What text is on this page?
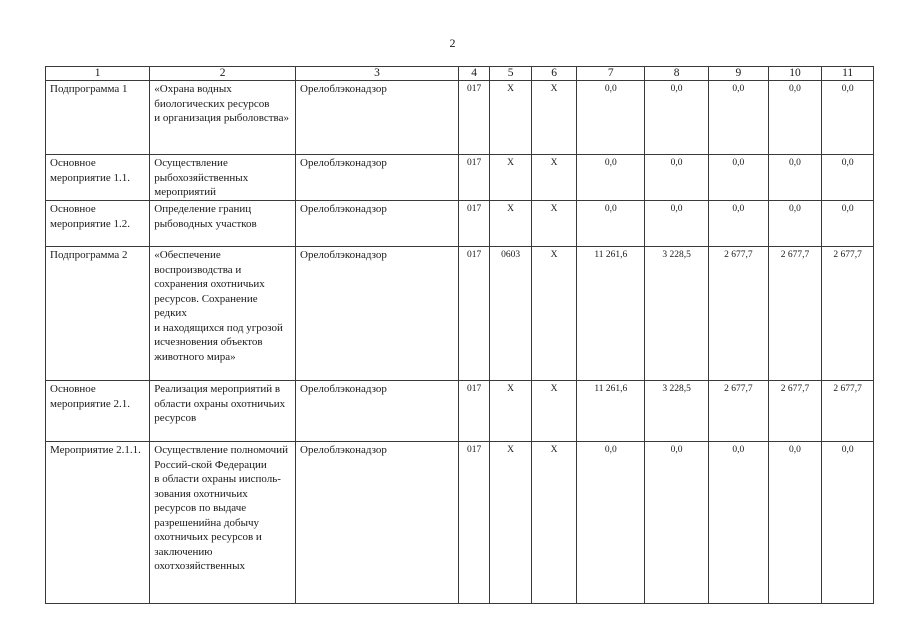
2
1	2	3	4	5	6	7	8	9	10	11
Подпрограмма 1	«Охрана водных биологических ресурсов
и организация рыболовства»	Орелоблэконадзор	017	X	X	0,0	0,0	0,0	0,0	0,0
Основное мероприятие 1.1.	Осуществление рыбохозяйственных мероприятий	Орелоблэконадзор	017	X	X	0,0	0,0	0,0	0,0	0,0
Основное мероприятие 1.2.	Определение границ рыбоводных участков	Орелоблэконадзор	017	X	X	0,0	0,0	0,0	0,0	0,0
Подпрограмма 2	«Обеспечение воспроизводства и сохранения охотничьих ресурсов. Сохранение редких
и находящихся под угрозой исчезновения объектов животного мира»	Орелоблэконадзор	017	0603	X	11 261,6	3 228,5	2 677,7	2 677,7	2 677,7
Основное мероприятие 2.1.	Реализация мероприятий в области охраны охотничьих ресурсов	Орелоблэконадзор	017	X	X	11 261,6	3 228,5	2 677,7	2 677,7	2 677,7
Мероприятие 2.1.1.	Осуществление полномочий Россий-ской Федерации
в области охраны ииспользования охотничьих ресурсов по выдаче разрешенийна добычу охотничьих ресурсов и заключению охотхозяйственных	Орелоблэконадзор	017	X	X	0,0	0,0	0,0	0,0	0,0
